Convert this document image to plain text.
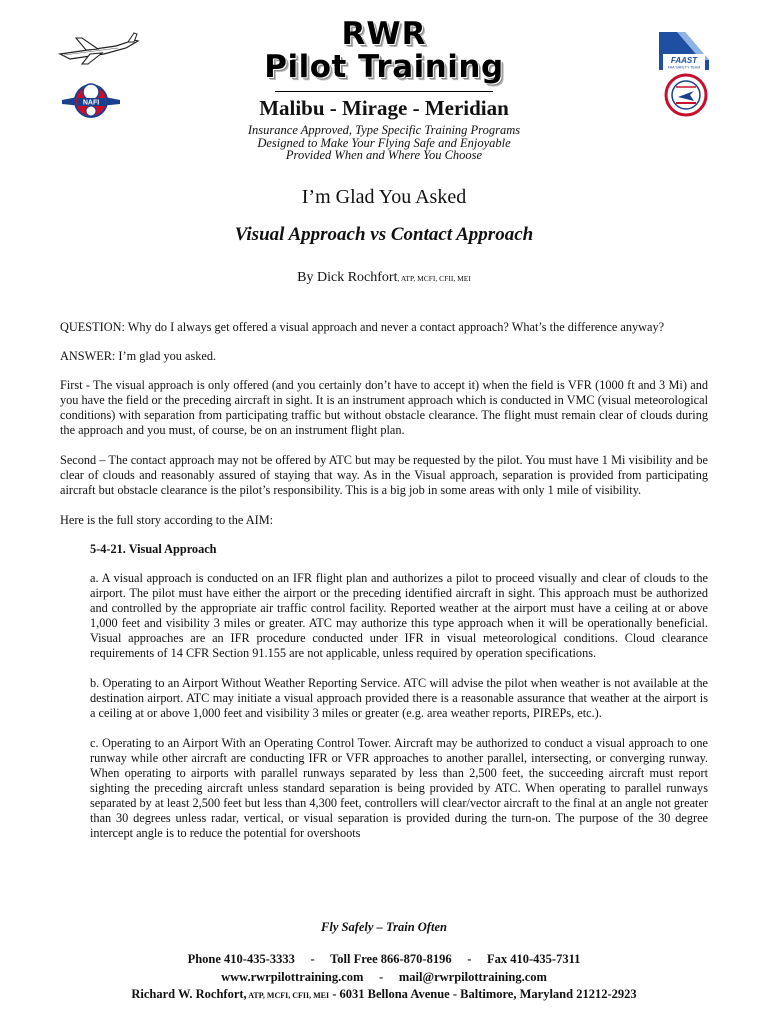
NAFI
FAAST
FAA SAFETY TEAM
RWR
Pilot Training
Malibu - Mirage - Meridian
Insurance Approved, Type Specific Training Programs
Designed to Make Your Flying Safe and Enjoyable
Provided When and Where You Choose
I’m Glad You Asked
Visual Approach vs Contact Approach
By Dick Rochfort, ATP, MCFI, CFII, MEI

QUESTION: Why do I always get offered a visual approach and never a contact approach? What’s the difference anyway?

ANSWER: I’m glad you asked.

First - The visual approach is only offered (and you certainly don’t have to accept it) when the field is VFR (1000 ft and 3 Mi) and you have the field or the preceding aircraft in sight. It is an instrument approach which is conducted in VMC (visual meteorological conditions) with separation from participating traffic but without obstacle clearance. The flight must remain clear of clouds during the approach and you must, of course, be on an instrument flight plan.

Second – The contact approach may not be offered by ATC but may be requested by the pilot. You must have 1 Mi visibility and be clear of clouds and reasonably assured of staying that way. As in the Visual approach, separation is provided from participating aircraft but obstacle clearance is the pilot’s responsibility. This is a big job in some areas with only 1 mile of visibility.

Here is the full story according to the AIM:

5-4-21. Visual Approach

a. A visual approach is conducted on an IFR flight plan and authorizes a pilot to proceed visually and clear of clouds to the airport. The pilot must have either the airport or the preceding identified aircraft in sight. This approach must be authorized and controlled by the appropriate air traffic control facility. Reported weather at the airport must have a ceiling at or above 1,000 feet and visibility 3 miles or greater. ATC may authorize this type approach when it will be operationally beneficial. Visual approaches are an IFR procedure conducted under IFR in visual meteorological conditions. Cloud clearance requirements of 14 CFR Section 91.155 are not applicable, unless required by operation specifications.

b. Operating to an Airport Without Weather Reporting Service. ATC will advise the pilot when weather is not available at the destination airport. ATC may initiate a visual approach provided there is a reasonable assurance that weather at the airport is a ceiling at or above 1,000 feet and visibility 3 miles or greater (e.g. area weather reports, PIREPs, etc.).

c. Operating to an Airport With an Operating Control Tower. Aircraft may be authorized to conduct a visual approach to one runway while other aircraft are conducting IFR or VFR approaches to another parallel, intersecting, or converging runway. When operating to airports with parallel runways separated by less than 2,500 feet, the succeeding aircraft must report sighting the preceding aircraft unless standard separation is being provided by ATC. When operating to parallel runways separated by at least 2,500 feet but less than 4,300 feet, controllers will clear/vector aircraft to the final at an angle not greater than 30 degrees unless radar, vertical, or visual separation is provided during the turn-on. The purpose of the 30 degree intercept angle is to reduce the potential for overshoots

Fly Safely – Train Often
Phone 410-435-3333     -     Toll Free 866-870-8196     -     Fax 410-435-7311
www.rwrpilottraining.com     -     mail@rwrpilottraining.com
Richard W. Rochfort, ATP, MCFI, CFII, MEI - 6031 Bellona Avenue - Baltimore, Maryland 21212-2923
